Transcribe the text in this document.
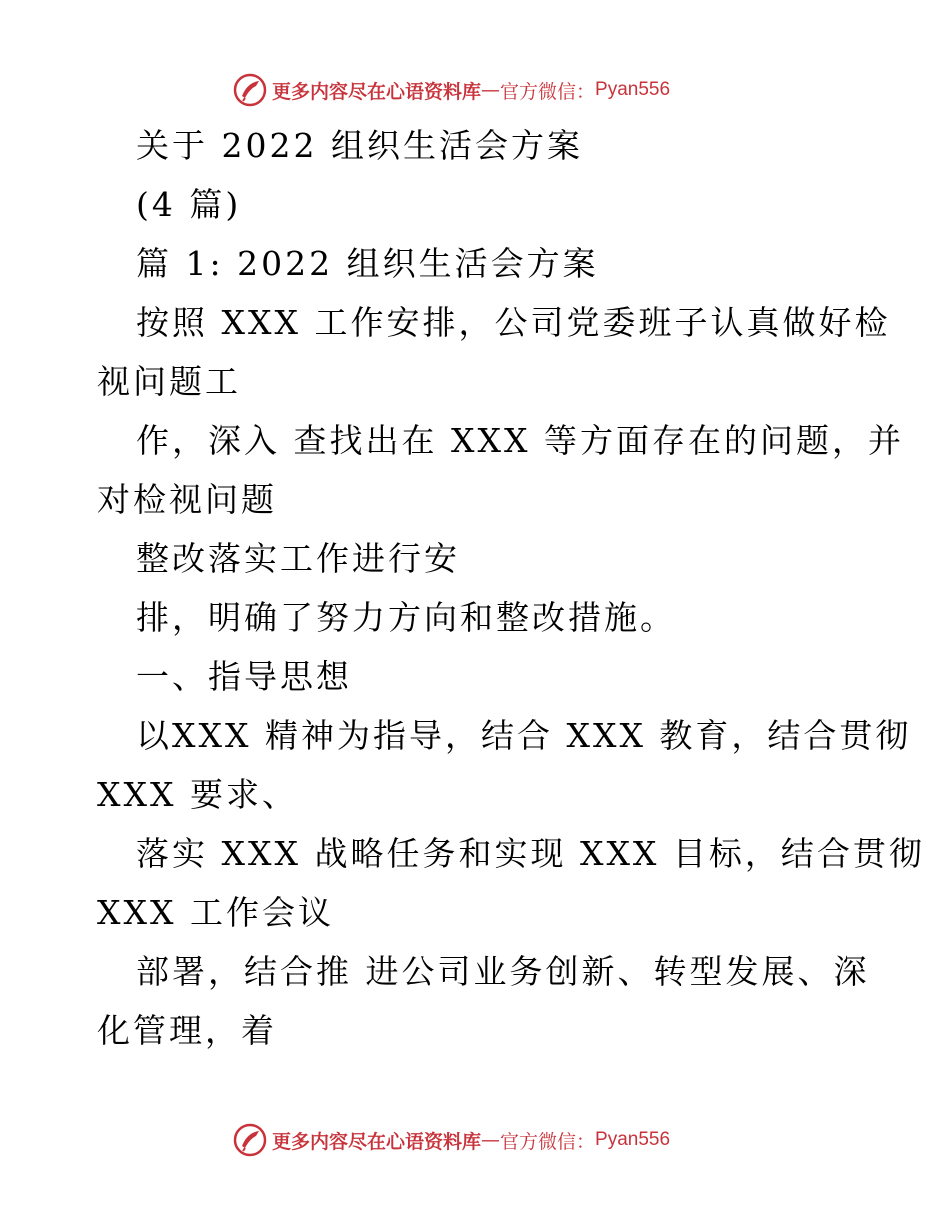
更多内容尽在心语资料库 — 官方微信： Pyan556
关于 2022 组织生活会方案
(4 篇)
篇 1: 2022 组织生活会方案
按照 XXX 工作安排，公司党委班子认真做好检
视问题工
作，深入 查找出在 XXX 等方面存在的问题，并
对检视问题
整改落实工作进行安
排，明确了努力方向和整改措施。
一、指导思想
以XXX 精神为指导，结合 XXX 教育，结合贯彻
XXX 要求、
落实 XXX 战略任务和实现 XXX 目标，结合贯彻
XXX 工作会议
部署，结合推 进公司业务创新、转型发展、深
化管理，着
更多内容尽在心语资料库 — 官方微信： Pyan556
